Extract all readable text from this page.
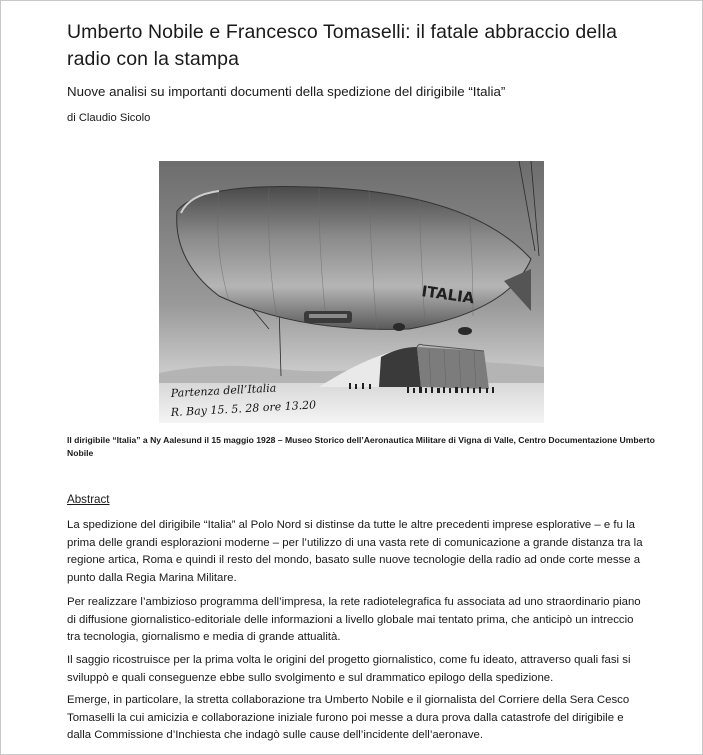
Umberto Nobile e Francesco Tomaselli: il fatale abbraccio della radio con la stampa
Nuove analisi su importanti documenti della spedizione del dirigibile “Italia”
di Claudio Sicolo
ITALIA
Partenza dell’Italia
R. Bay 15. 5. 28 ore 13.20
Il dirigibile “Italia” a Ny Aalesund il 15 maggio 1928 – Museo Storico dell’Aeronautica Militare di Vigna di Valle, Centro Documentazione Umberto Nobile
Abstract

La spedizione del dirigibile “Italia” al Polo Nord si distinse da tutte le altre precedenti imprese esplorative – e fu la prima delle grandi esplorazioni moderne – per l’utilizzo di una vasta rete di comunicazione a grande distanza tra la regione artica, Roma e quindi il resto del mondo, basato sulle nuove tecnologie della radio ad onde corte messe a punto dalla Regia Marina Militare.

Per realizzare l’ambizioso programma dell’impresa, la rete radiotelegrafica fu associata ad uno straordinario piano di diffusione giornalistico-editoriale delle informazioni a livello globale mai tentato prima, che anticipò un intreccio tra tecnologia, giornalismo e media di grande attualità.

Il saggio ricostruisce per la prima volta le origini del progetto giornalistico, come fu ideato, attraverso quali fasi si sviluppò e quali conseguenze ebbe sullo svolgimento e sul drammatico epilogo della spedizione.

Emerge, in particolare, la stretta collaborazione tra Umberto Nobile e il giornalista del Corriere della Sera Cesco Tomaselli la cui amicizia e collaborazione iniziale furono poi messe a dura prova dalla catastrofe del dirigibile e dalla Commissione d’Inchiesta che indagò sulle cause dell’incidente dell’aeronave.
